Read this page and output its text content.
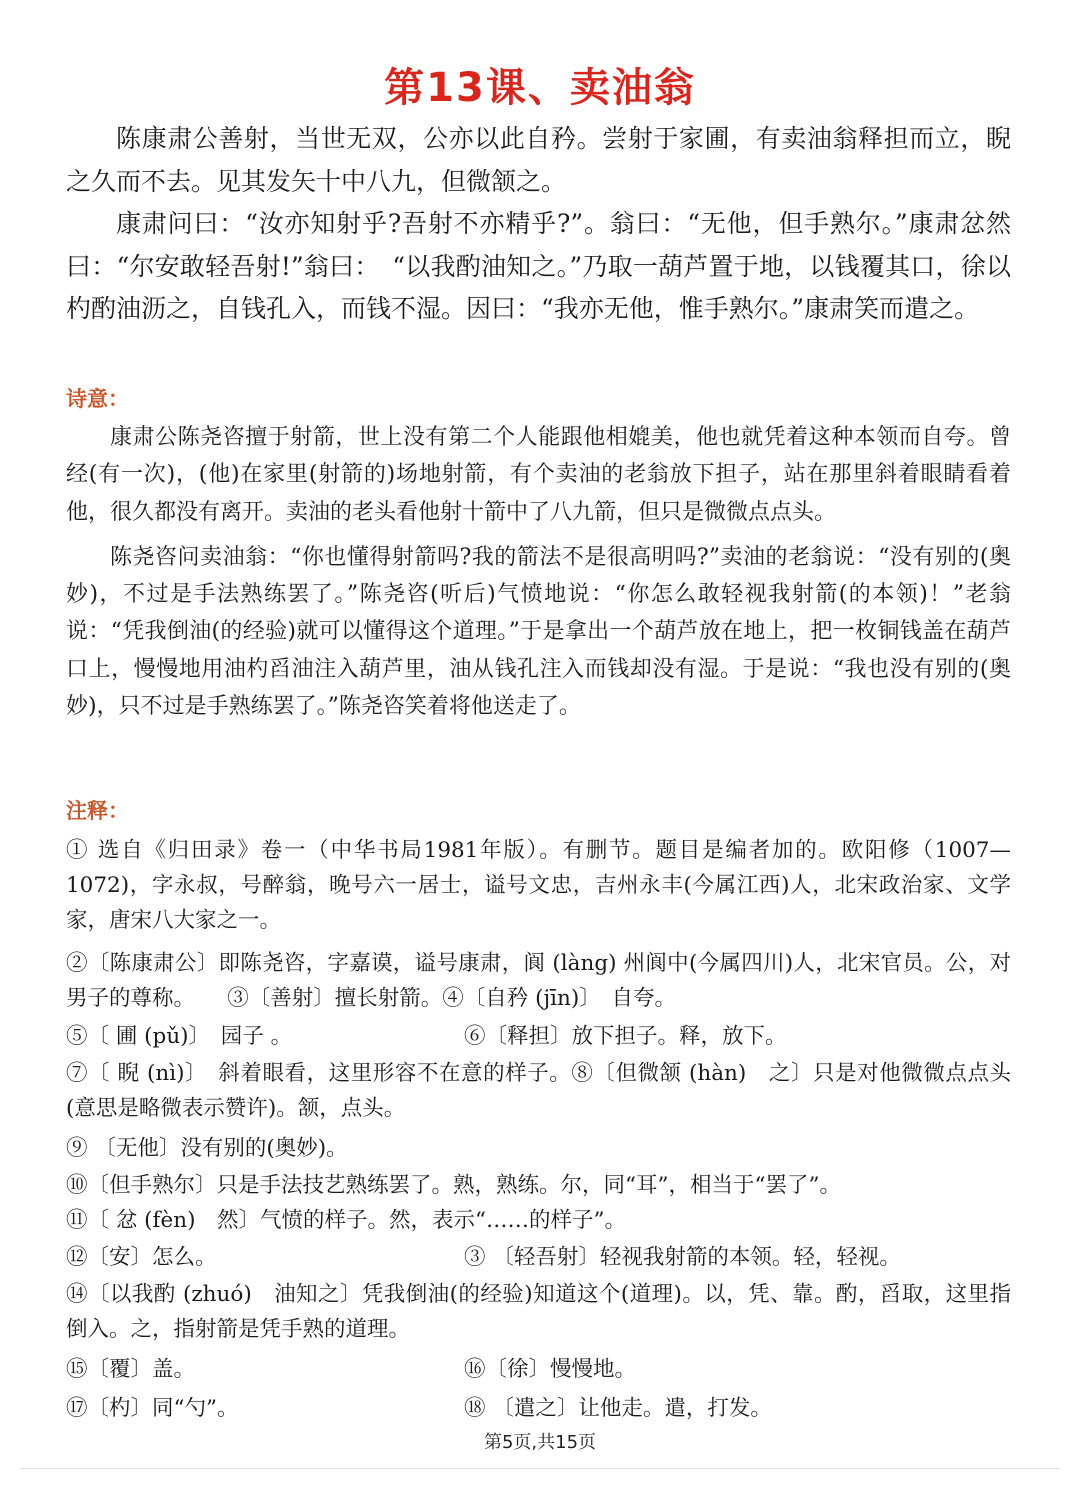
第13课、卖油翁

陈康肃公善射，当世无双，公亦以此自矜。尝射于家圃，有卖油翁释担而立，睨之久而不去。见其发矢十中八九，但微颔之。

康肃问曰：“汝亦知射乎?吾射不亦精乎?”。翁曰：“无他，但手熟尔。”康肃忿然曰：“尔安敢轻吾射!”翁曰：　“以我酌油知之。”乃取一葫芦置于地，以钱覆其口，徐以杓酌油沥之，自钱孔入，而钱不湿。因曰：“我亦无他，惟手熟尔。”康肃笑而遣之。

诗意：

康肃公陈尧咨擅于射箭，世上没有第二个人能跟他相媲美，他也就凭着这种本领而自夸。曾经(有一次)，(他)在家里(射箭的)场地射箭，有个卖油的老翁放下担子，站在那里斜着眼睛看着他，很久都没有离开。卖油的老头看他射十箭中了八九箭，但只是微微点点头。

陈尧咨问卖油翁：“你也懂得射箭吗?我的箭法不是很高明吗?”卖油的老翁说：“没有别的(奥妙)，不过是手法熟练罢了。”陈尧咨(听后)气愤地说：“你怎么敢轻视我射箭(的本领)！”老翁说：“凭我倒油(的经验)就可以懂得这个道理。”于是拿出一个葫芦放在地上，把一枚铜钱盖在葫芦口上，慢慢地用油杓舀油注入葫芦里，油从钱孔注入而钱却没有湿。于是说：“我也没有别的(奥妙)，只不过是手熟练罢了。”陈尧咨笑着将他送走了。

注释：
① 选自《归田录》卷一（中华书局1981年版）。有删节。题目是编者加的。欧阳修（1007—1072)，字永叔，号醉翁，晚号六一居士，谥号文忠，吉州永丰(今属江西)人，北宋政治家、文学家，唐宋八大家之一。
②〔陈康肃公〕即陈尧咨，字嘉谟，谥号康肃，阆 (làng) 州阆中(今属四川)人，北宋官员。公，对男子的尊称。　　③〔善射〕擅长射箭。④〔自矜 (jīn)〕　自夸。
⑤〔 圃 (pǔ)〕　园子 。	⑥〔释担〕放下担子。释，放下。
⑦〔 睨 (nì)〕　斜着眼看，这里形容不在意的样子。⑧〔但微颔 (hàn)　之〕只是对他微微点点头(意思是略微表示赞许)。颔，点头。
⑨ 〔无他〕没有别的(奥妙)。
⑩〔但手熟尔〕只是手法技艺熟练罢了。熟，熟练。尔，同“耳”，相当于“罢了”。
⑪〔 忿 (fèn)　然〕气愤的样子。然，表示“……的样子”。
⑫〔安〕怎么。	③ 〔轻吾射〕轻视我射箭的本领。轻，轻视。
⑭〔以我酌 (zhuó)　油知之〕凭我倒油(的经验)知道这个(道理)。以，凭、靠。酌，舀取，这里指倒入。之，指射箭是凭手熟的道理。
⑮〔覆〕盖。	⑯〔徐〕慢慢地。
⑰〔杓〕同“勺”。	⑱ 〔遣之〕让他走。遣，打发。
第5页,共15页
